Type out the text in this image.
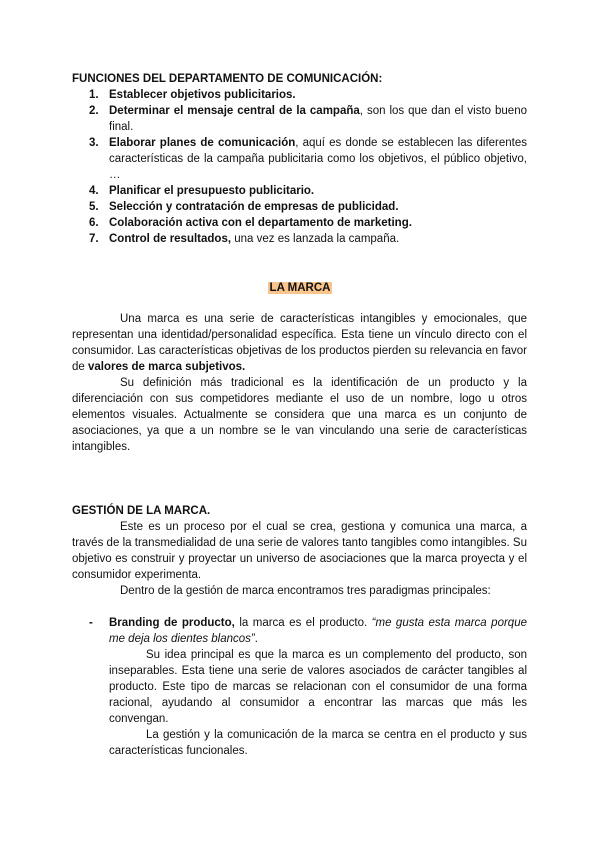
FUNCIONES DEL DEPARTAMENTO DE COMUNICACIÓN:
1. Establecer objetivos publicitarios.
2. Determinar el mensaje central de la campaña, son los que dan el visto bueno final.
3. Elaborar planes de comunicación, aquí es donde se establecen las diferentes características de la campaña publicitaria como los objetivos, el público objetivo, …
4. Planificar el presupuesto publicitario.
5. Selección y contratación de empresas de publicidad.
6. Colaboración activa con el departamento de marketing.
7. Control de resultados, una vez es lanzada la campaña.
LA MARCA

Una marca es una serie de características intangibles y emocionales, que representan una identidad/personalidad específica. Esta tiene un vínculo directo con el consumidor. Las características objetivas de los productos pierden su relevancia en favor de valores de marca subjetivos.

Su definición más tradicional es la identificación de un producto y la diferenciación con sus competidores mediante el uso de un nombre, logo u otros elementos visuales. Actualmente se considera que una marca es un conjunto de asociaciones, ya que a un nombre se le van vinculando una serie de características intangibles.

GESTIÓN DE LA MARCA.

Este es un proceso por el cual se crea, gestiona y comunica una marca, a través de la transmedialidad de una serie de valores tanto tangibles como intangibles. Su objetivo es construir y proyectar un universo de asociaciones que la marca proyecta y el consumidor experimenta.

Dentro de la gestión de marca encontramos tres paradigmas principales:

- Branding de producto, la marca es el producto. “me gusta esta marca porque me deja los dientes blancos”.

Su idea principal es que la marca es un complemento del producto, son inseparables. Esta tiene una serie de valores asociados de carácter tangibles al producto. Este tipo de marcas se relacionan con el consumidor de una forma racional, ayudando al consumidor a encontrar las marcas que más les convengan.

La gestión y la comunicación de la marca se centra en el producto y sus características funcionales.
